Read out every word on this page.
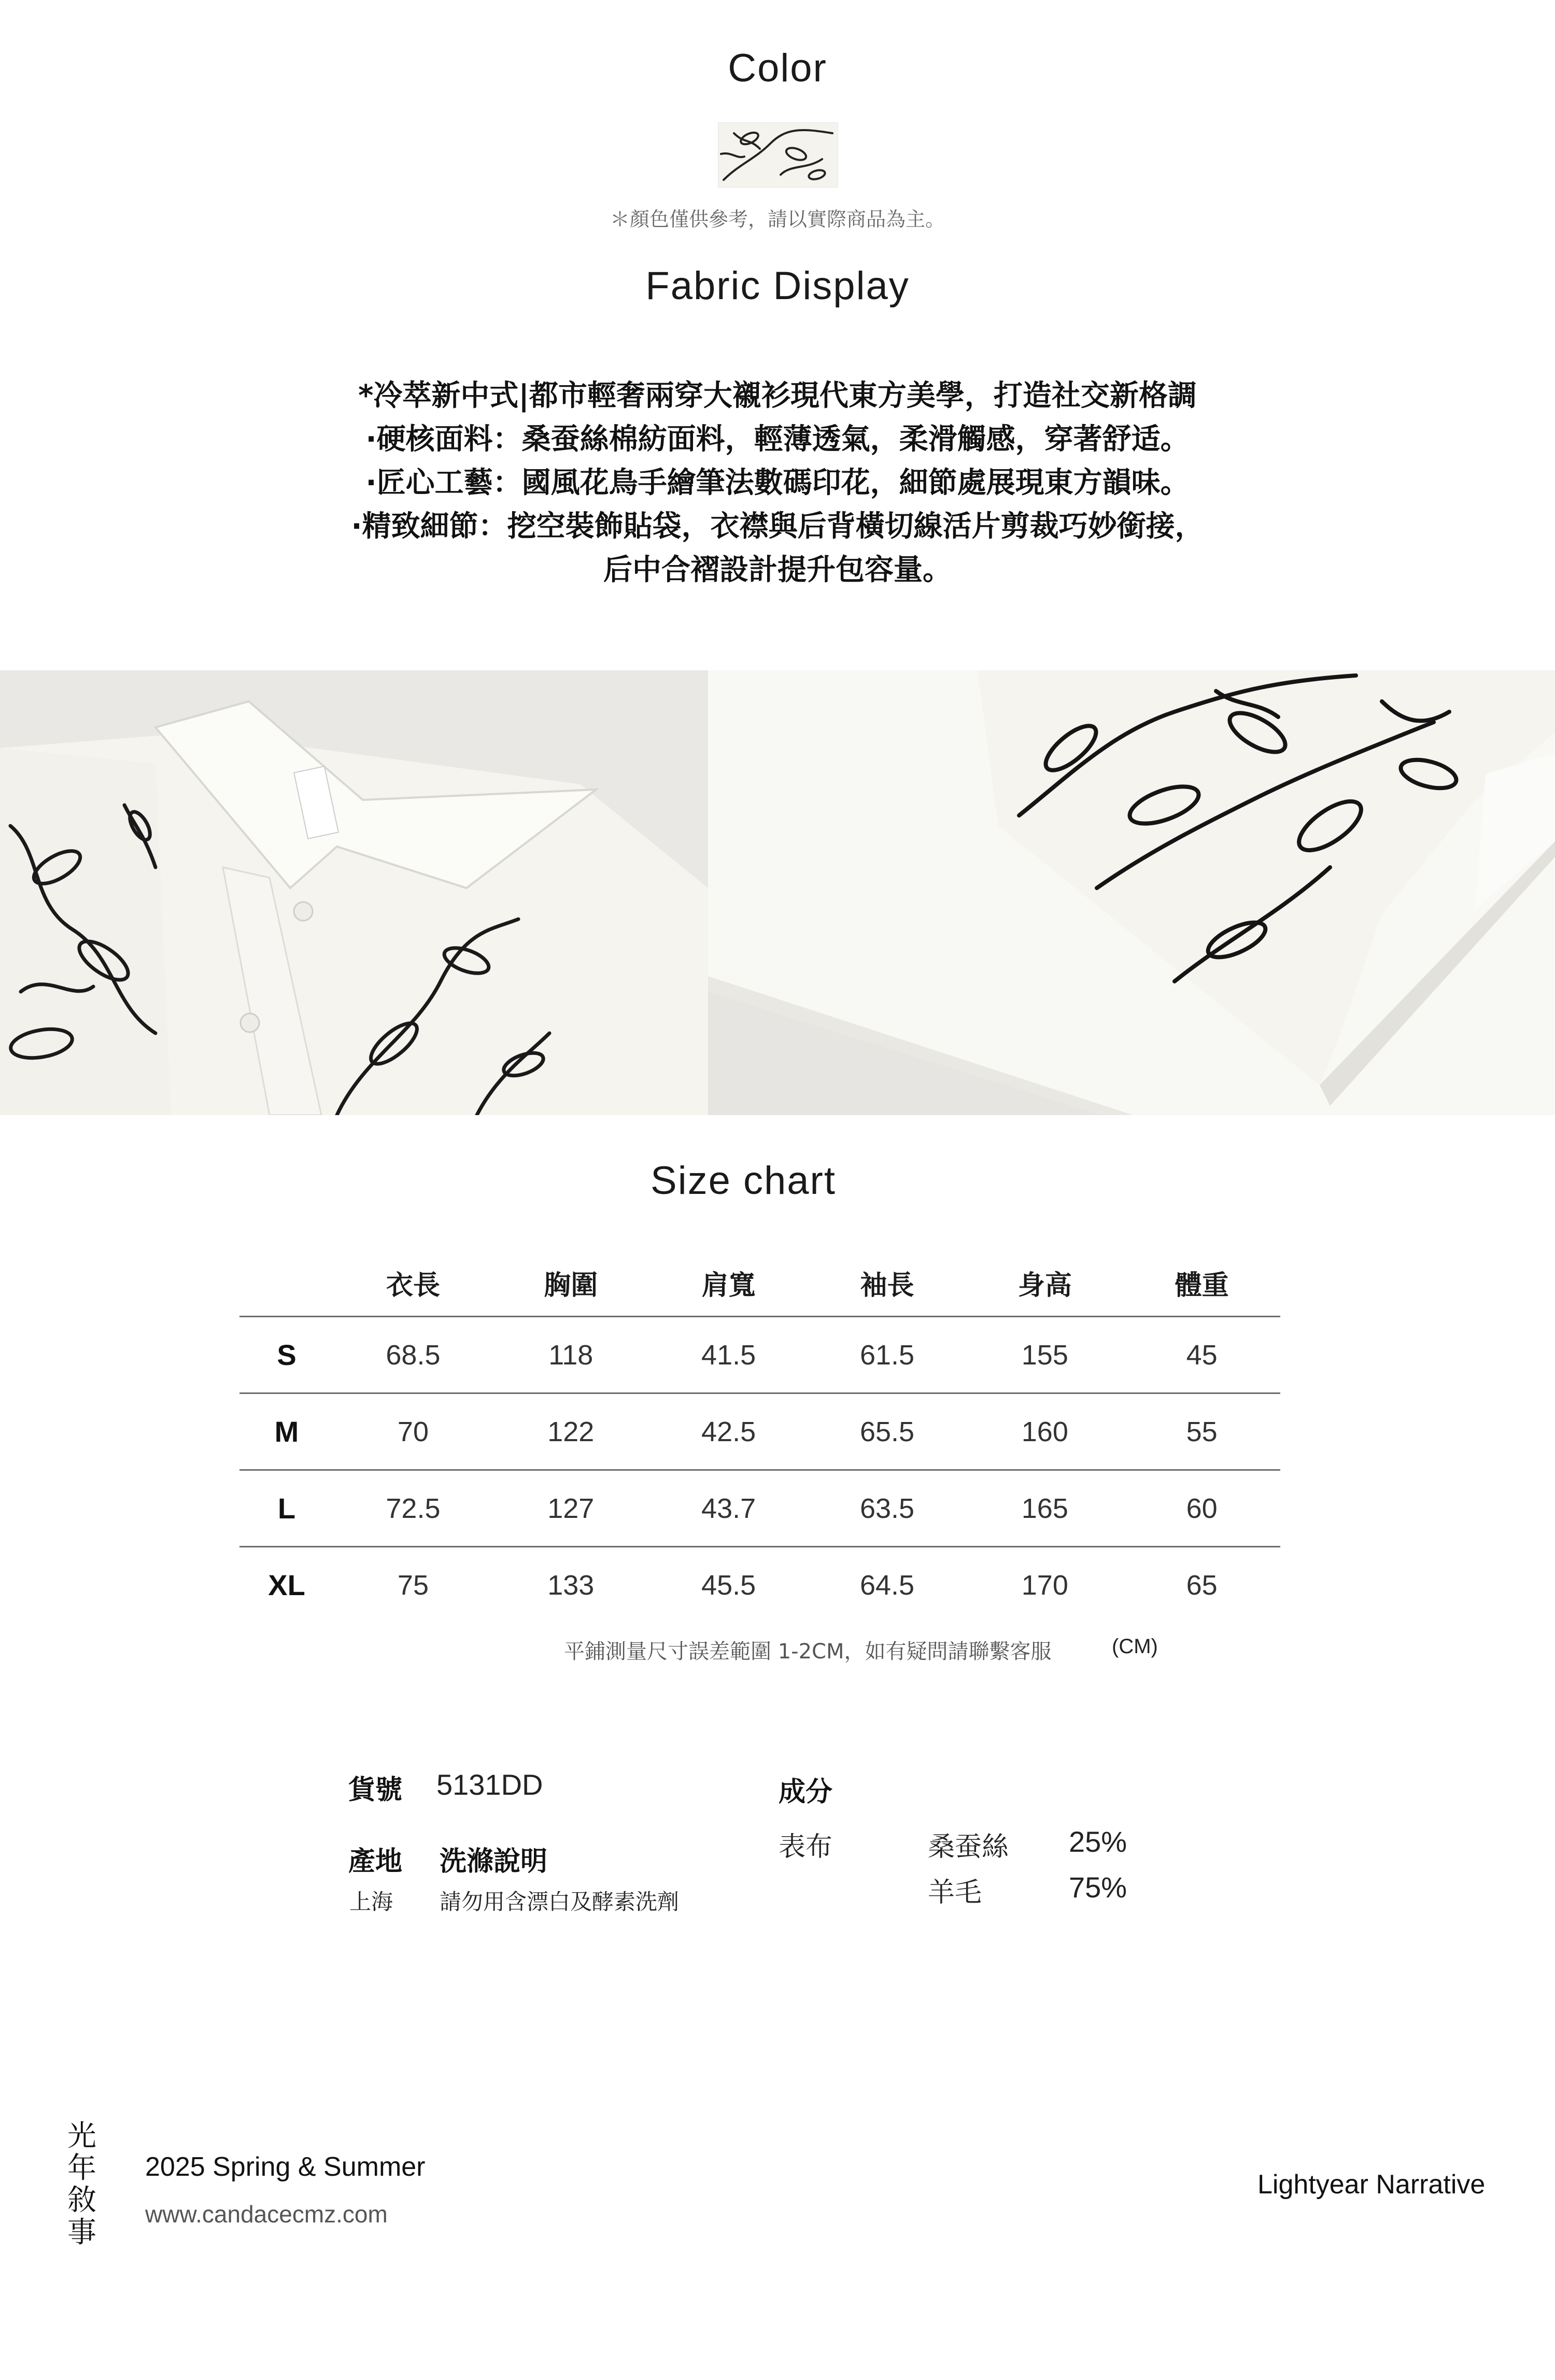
Color
＊顏色僅供參考，請以實際商品為主。
Fabric Display
*冷萃新中式|都市輕奢兩穿大襯衫現代東方美學，打造社交新格調
·硬核面料：桑蚕絲棉紡面料，輕薄透氣，柔滑觸感，穿著舒适。
·匠心工藝：國風花鳥手繪筆法數碼印花，細節處展現東方韻味。
·精致細節：挖空裝飾貼袋，衣襟與后背橫切線活片剪裁巧妙銜接，
后中合褶設計提升包容量。
Size chart
	衣長	胸圍	肩寬	袖長	身高	體重
S	68.5	118	41.5	61.5	155	45
M	70	122	42.5	65.5	160	55
L	72.5	127	43.7	63.5	165	60
XL	75	133	45.5	64.5	170	65
平鋪測量尺寸誤差範圍 1-2CM，如有疑問請聯繫客服	(CM)
貨號 5131DD
產地 洗滌說明
上海 請勿用含漂白及酵素洗劑
成分
表布	桑蚕絲 25%
羊毛	75%
光
年
敘
事
2025 Spring & Summer
www.candacecmz.com
Lightyear Narrative
